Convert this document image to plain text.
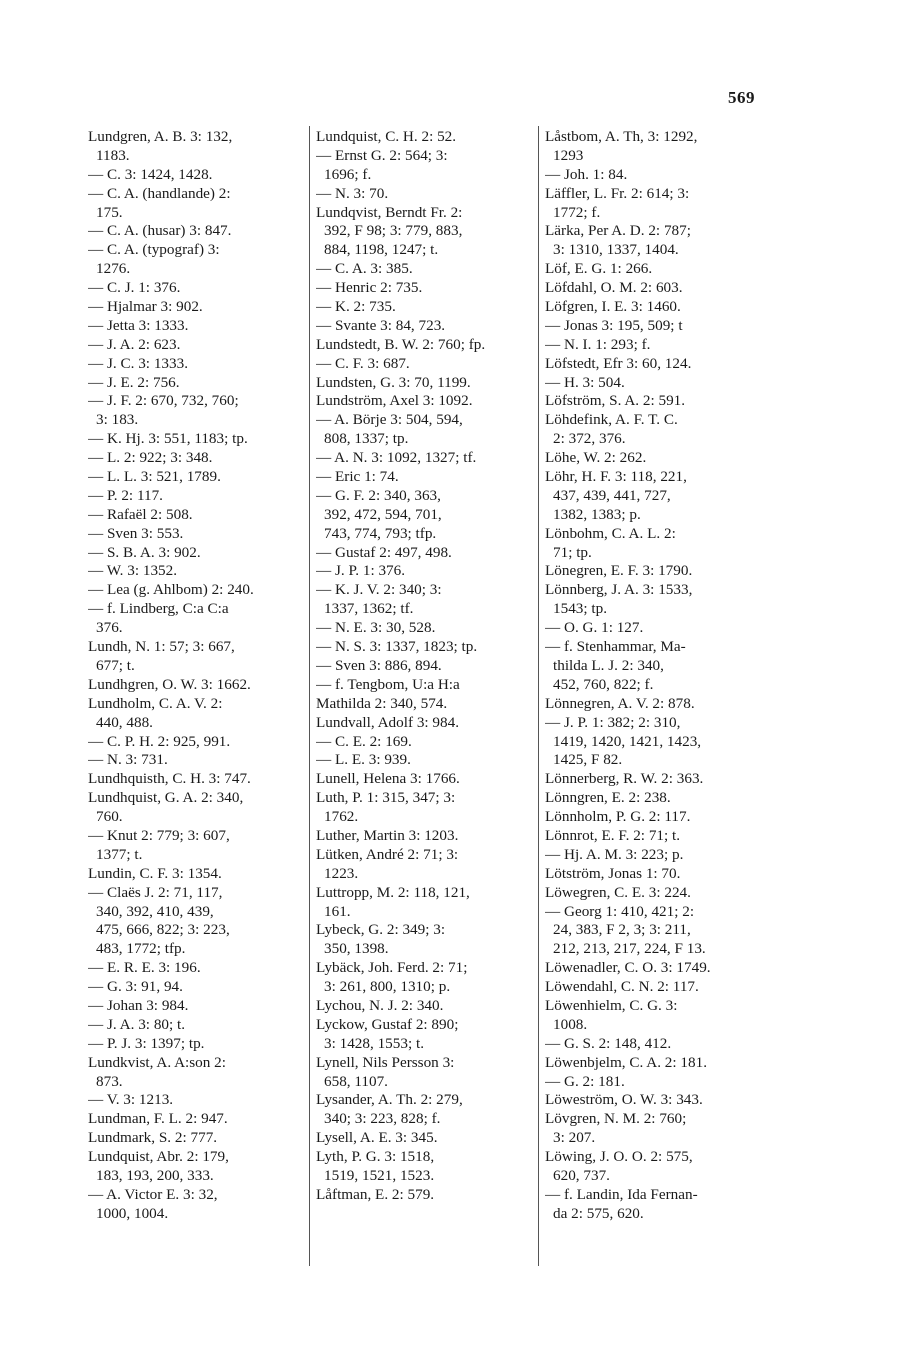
569
Lundgren, A. B. 3: 132,
1183.
— C. 3: 1424, 1428.
— C. A. (handlande) 2:
175.
— C. A. (husar) 3: 847.
— C. A. (typograf) 3:
1276.
— C. J. 1: 376.
— Hjalmar 3: 902.
— Jetta 3: 1333.
— J. A. 2: 623.
— J. C. 3: 1333.
— J. E. 2: 756.
— J. F. 2: 670, 732, 760;
3: 183.
— K. Hj. 3: 551, 1183; tp.
— L. 2: 922; 3: 348.
— L. L. 3: 521, 1789.
— P. 2: 117.
— Rafaël 2: 508.
— Sven 3: 553.
— S. B. A. 3: 902.
— W. 3: 1352.
— Lea (g. Ahlbom) 2: 240.
— f. Lindberg, C:a C:a
376.
Lundh, N. 1: 57; 3: 667,
677; t.
Lundhgren, O. W. 3: 1662.
Lundholm, C. A. V. 2:
440, 488.
— C. P. H. 2: 925, 991.
— N. 3: 731.
Lundhquisth, C. H. 3: 747.
Lundhquist, G. A. 2: 340,
760.
— Knut 2: 779; 3: 607,
1377; t.
Lundin, C. F. 3: 1354.
— Claës J. 2: 71, 117,
340, 392, 410, 439,
475, 666, 822; 3: 223,
483, 1772; tfp.
— E. R. E. 3: 196.
— G. 3: 91, 94.
— Johan 3: 984.
— J. A. 3: 80; t.
— P. J. 3: 1397; tp.
Lundkvist, A. A:son 2:
873.
— V. 3: 1213.
Lundman, F. L. 2: 947.
Lundmark, S. 2: 777.
Lundquist, Abr. 2: 179,
183, 193, 200, 333.
— A. Victor E. 3: 32,
1000, 1004.
Lundquist, C. H. 2: 52.
— Ernst G. 2: 564; 3:
1696; f.
— N. 3: 70.
Lundqvist, Berndt Fr. 2:
392, F 98; 3: 779, 883,
884, 1198, 1247; t.
— C. A. 3: 385.
— Henric 2: 735.
— K. 2: 735.
— Svante 3: 84, 723.
Lundstedt, B. W. 2: 760; fp.
— C. F. 3: 687.
Lundsten, G. 3: 70, 1199.
Lundström, Axel 3: 1092.
— A. Börje 3: 504, 594,
808, 1337; tp.
— A. N. 3: 1092, 1327; tf.
— Eric 1: 74.
— G. F. 2: 340, 363,
392, 472, 594, 701,
743, 774, 793; tfp.
— Gustaf 2: 497, 498.
— J. P. 1: 376.
— K. J. V. 2: 340; 3:
1337, 1362; tf.
— N. E. 3: 30, 528.
— N. S. 3: 1337, 1823; tp.
— Sven 3: 886, 894.
— f. Tengbom, U:a H:a
Mathilda 2: 340, 574.
Lundvall, Adolf 3: 984.
— C. E. 2: 169.
— L. E. 3: 939.
Lunell, Helena 3: 1766.
Luth, P. 1: 315, 347; 3:
1762.
Luther, Martin 3: 1203.
Lütken, André 2: 71; 3:
1223.
Luttropp, M. 2: 118, 121,
161.
Lybeck, G. 2: 349; 3:
350, 1398.
Lybäck, Joh. Ferd. 2: 71;
3: 261, 800, 1310; p.
Lychou, N. J. 2: 340.
Lyckow, Gustaf 2: 890;
3: 1428, 1553; t.
Lynell, Nils Persson 3:
658, 1107.
Lysander, A. Th. 2: 279,
340; 3: 223, 828; f.
Lysell, A. E. 3: 345.
Lyth, P. G. 3: 1518,
1519, 1521, 1523.
Låftman, E. 2: 579.
Låstbom, A. Th, 3: 1292,
1293
— Joh. 1: 84.
Läffler, L. Fr. 2: 614; 3:
1772; f.
Lärka, Per A. D. 2: 787;
3: 1310, 1337, 1404.
Löf, E. G. 1: 266.
Löfdahl, O. M. 2: 603.
Löfgren, I. E. 3: 1460.
— Jonas 3: 195, 509; t
— N. I. 1: 293; f.
Löfstedt, Efr 3: 60, 124.
— H. 3: 504.
Löfström, S. A. 2: 591.
Löhdefink, A. F. T. C.
2: 372, 376.
Löhe, W. 2: 262.
Löhr, H. F. 3: 118, 221,
437, 439, 441, 727,
1382, 1383; p.
Lönbohm, C. A. L. 2:
71; tp.
Lönegren, E. F. 3: 1790.
Lönnberg, J. A. 3: 1533,
1543; tp.
— O. G. 1: 127.
— f. Stenhammar, Ma-
thilda L. J. 2: 340,
452, 760, 822; f.
Lönnegren, A. V. 2: 878.
— J. P. 1: 382; 2: 310,
1419, 1420, 1421, 1423,
1425, F 82.
Lönnerberg, R. W. 2: 363.
Lönngren, E. 2: 238.
Lönnholm, P. G. 2: 117.
Lönnrot, E. F. 2: 71; t.
— Hj. A. M. 3: 223; p.
Lötström, Jonas 1: 70.
Löwegren, C. E. 3: 224.
— Georg 1: 410, 421; 2:
24, 383, F 2, 3; 3: 211,
212, 213, 217, 224, F 13.
Löwenadler, C. O. 3: 1749.
Löwendahl, C. N. 2: 117.
Löwenhielm, C. G. 3:
1008.
— G. S. 2: 148, 412.
Löwenbjelm, C. A. 2: 181.
— G. 2: 181.
Löweström, O. W. 3: 343.
Lövgren, N. M. 2: 760;
3: 207.
Löwing, J. O. O. 2: 575,
620, 737.
— f. Landin, Ida Fernan-
da 2: 575, 620.
